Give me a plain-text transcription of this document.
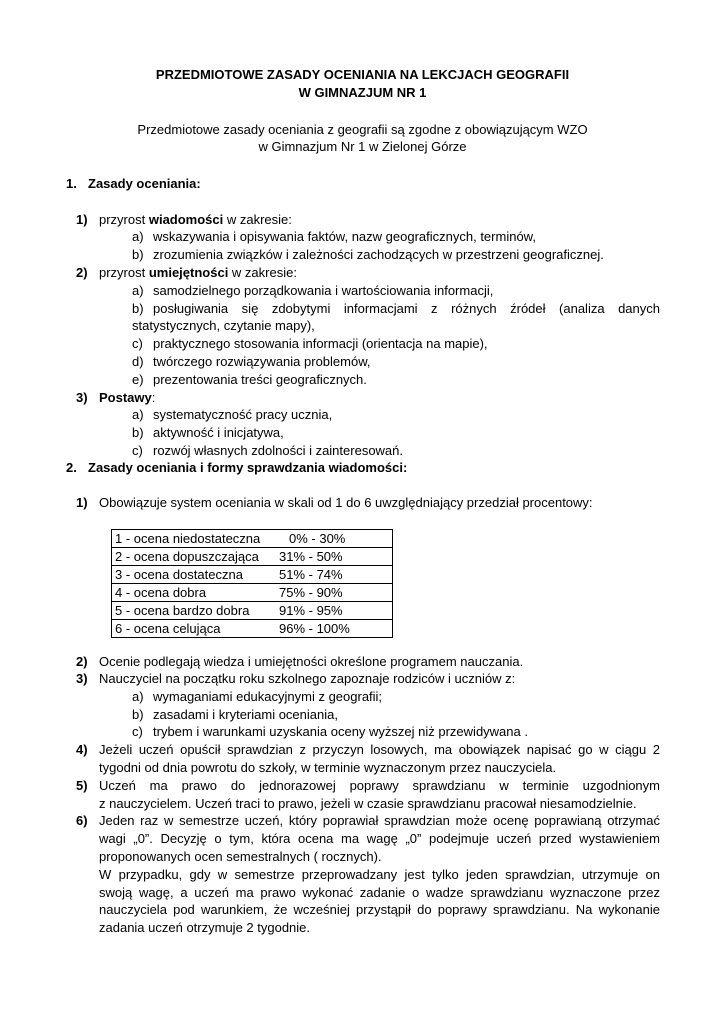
PRZEDMIOTOWE ZASADY OCENIANIA NA LEKCJACH GEOGRAFII
W GIMNAZJUM NR 1
Przedmiotowe zasady oceniania z geografii są zgodne z obowiązującym WZO
w Gimnazjum Nr 1 w Zielonej Górze
1. Zasady oceniania:
1) przyrost wiadomości w zakresie:
a) wskazywania i opisywania faktów, nazw geograficznych, terminów,
b) zrozumienia związków i zależności zachodzących w przestrzeni geograficznej.
2) przyrost umiejętności w zakresie:
a) samodzielnego porządkowania i wartościowania informacji,
b) posługiwania się zdobytymi informacjami z różnych źródeł (analiza danych
statystycznych, czytanie mapy),
c) praktycznego stosowania informacji (orientacja na mapie),
d) twórczego rozwiązywania problemów,
e) prezentowania treści geograficznych.
3) Postawy:
a) systematyczność pracy ucznia,
b) aktywność i inicjatywa,
c) rozwój własnych zdolności i zainteresowań.
2. Zasady oceniania i formy sprawdzania wiadomości:
1) Obowiązuje system oceniania w skali od 1 do 6 uwzględniający przedział procentowy:
1 - ocena niedostateczna	0% - 30%
2 - ocena dopuszczająca	31% - 50%
3 - ocena dostateczna	51% - 74%
4 - ocena dobra	75% - 90%
5 - ocena bardzo dobra	91% - 95%
6 - ocena celująca	96% - 100%
2) Ocenie podlegają wiedza i umiejętności określone programem nauczania.
3) Nauczyciel na początku roku szkolnego zapoznaje rodziców i uczniów z:
a) wymaganiami edukacyjnymi z geografii;
b) zasadami i kryteriami oceniania,
c) trybem i warunkami uzyskania oceny wyższej niż przewidywana .
4) Jeżeli uczeń opuścił sprawdzian z przyczyn losowych, ma obowiązek napisać go w ciągu 2
tygodni od dnia powrotu do szkoły, w terminie wyznaczonym przez nauczyciela.
5) Uczeń ma prawo do jednorazowej poprawy sprawdzianu w terminie uzgodnionym
z nauczycielem. Uczeń traci to prawo, jeżeli w czasie sprawdzianu pracował niesamodzielnie.
6) Jeden raz w semestrze uczeń, który poprawiał sprawdzian może ocenę poprawianą otrzymać
wagi „0”. Decyzję o tym, która ocena ma wagę „0” podejmuje uczeń przed wystawieniem
proponowanych ocen semestralnych ( rocznych).
W przypadku, gdy w semestrze przeprowadzany jest tylko jeden sprawdzian, utrzymuje on
swoją wagę, a uczeń ma prawo wykonać zadanie o wadze sprawdzianu wyznaczone przez
nauczyciela pod warunkiem, że wcześniej przystąpił do poprawy sprawdzianu. Na wykonanie
zadania uczeń otrzymuje 2 tygodnie.
